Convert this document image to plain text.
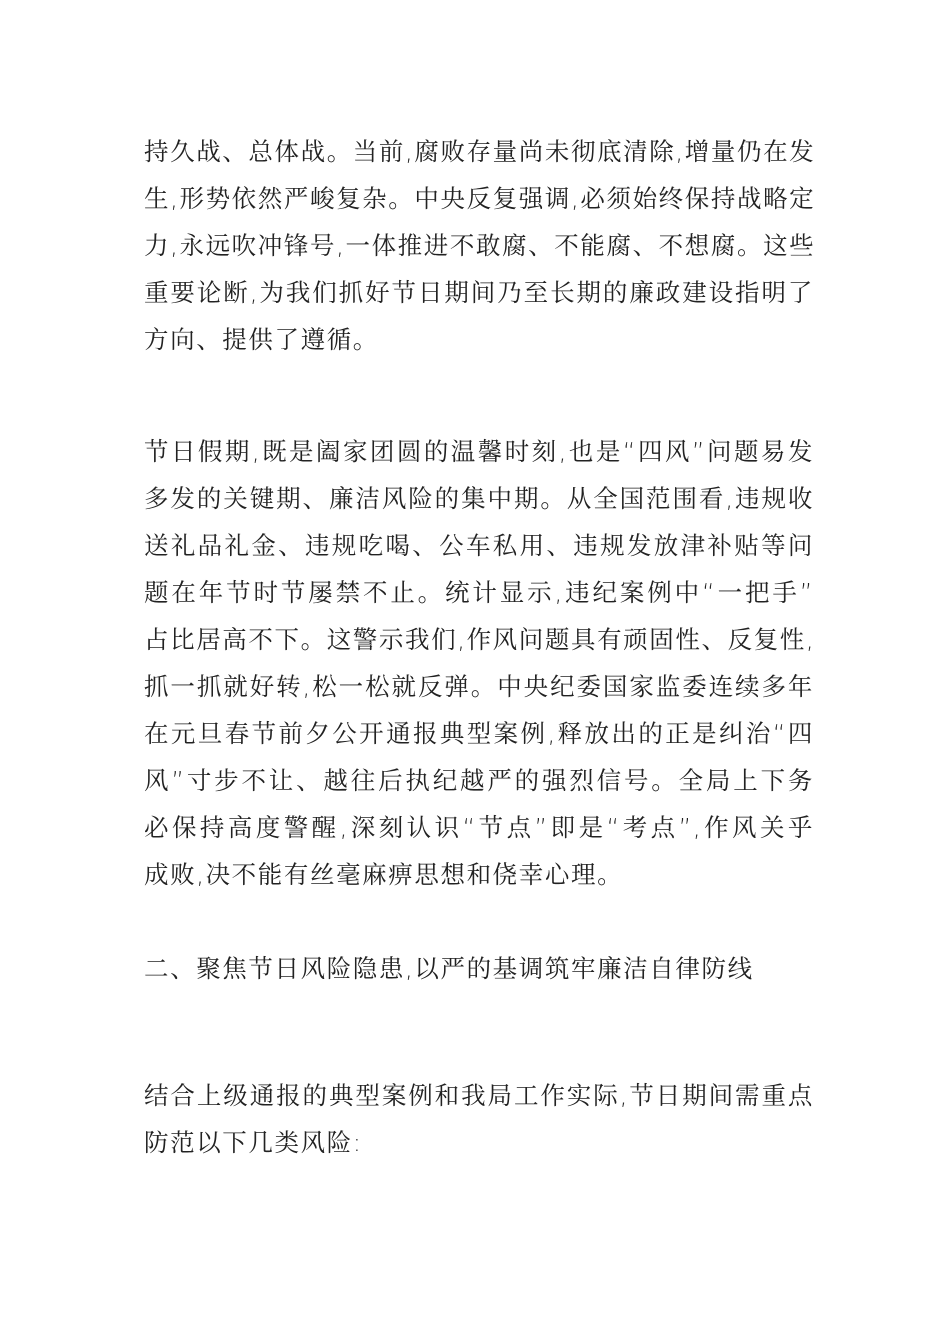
持久战、总体战。当前,腐败存量尚未彻底清除,增量仍在发
生,形势依然严峻复杂。中央反复强调,必须始终保持战略定
力,永远吹冲锋号,一体推进不敢腐、不能腐、不想腐。这些
重要论断,为我们抓好节日期间乃至长期的廉政建设指明了
方向、提供了遵循。
节日假期,既是阖家团圆的温馨时刻,也是“四风”问题易发
多发的关键期、廉洁风险的集中期。从全国范围看,违规收
送礼品礼金、违规吃喝、公车私用、违规发放津补贴等问
题在年节时节屡禁不止。统计显示,违纪案例中“一把手”
占比居高不下。这警示我们,作风问题具有顽固性、反复性,
抓一抓就好转,松一松就反弹。中央纪委国家监委连续多年
在元旦春节前夕公开通报典型案例,释放出的正是纠治“四
风”寸步不让、越往后执纪越严的强烈信号。全局上下务
必保持高度警醒,深刻认识“节点”即是“考点”,作风关乎
成败,决不能有丝毫麻痹思想和侥幸心理。
二、聚焦节日风险隐患,以严的基调筑牢廉洁自律防线
结合上级通报的典型案例和我局工作实际,节日期间需重点
防范以下几类风险:
